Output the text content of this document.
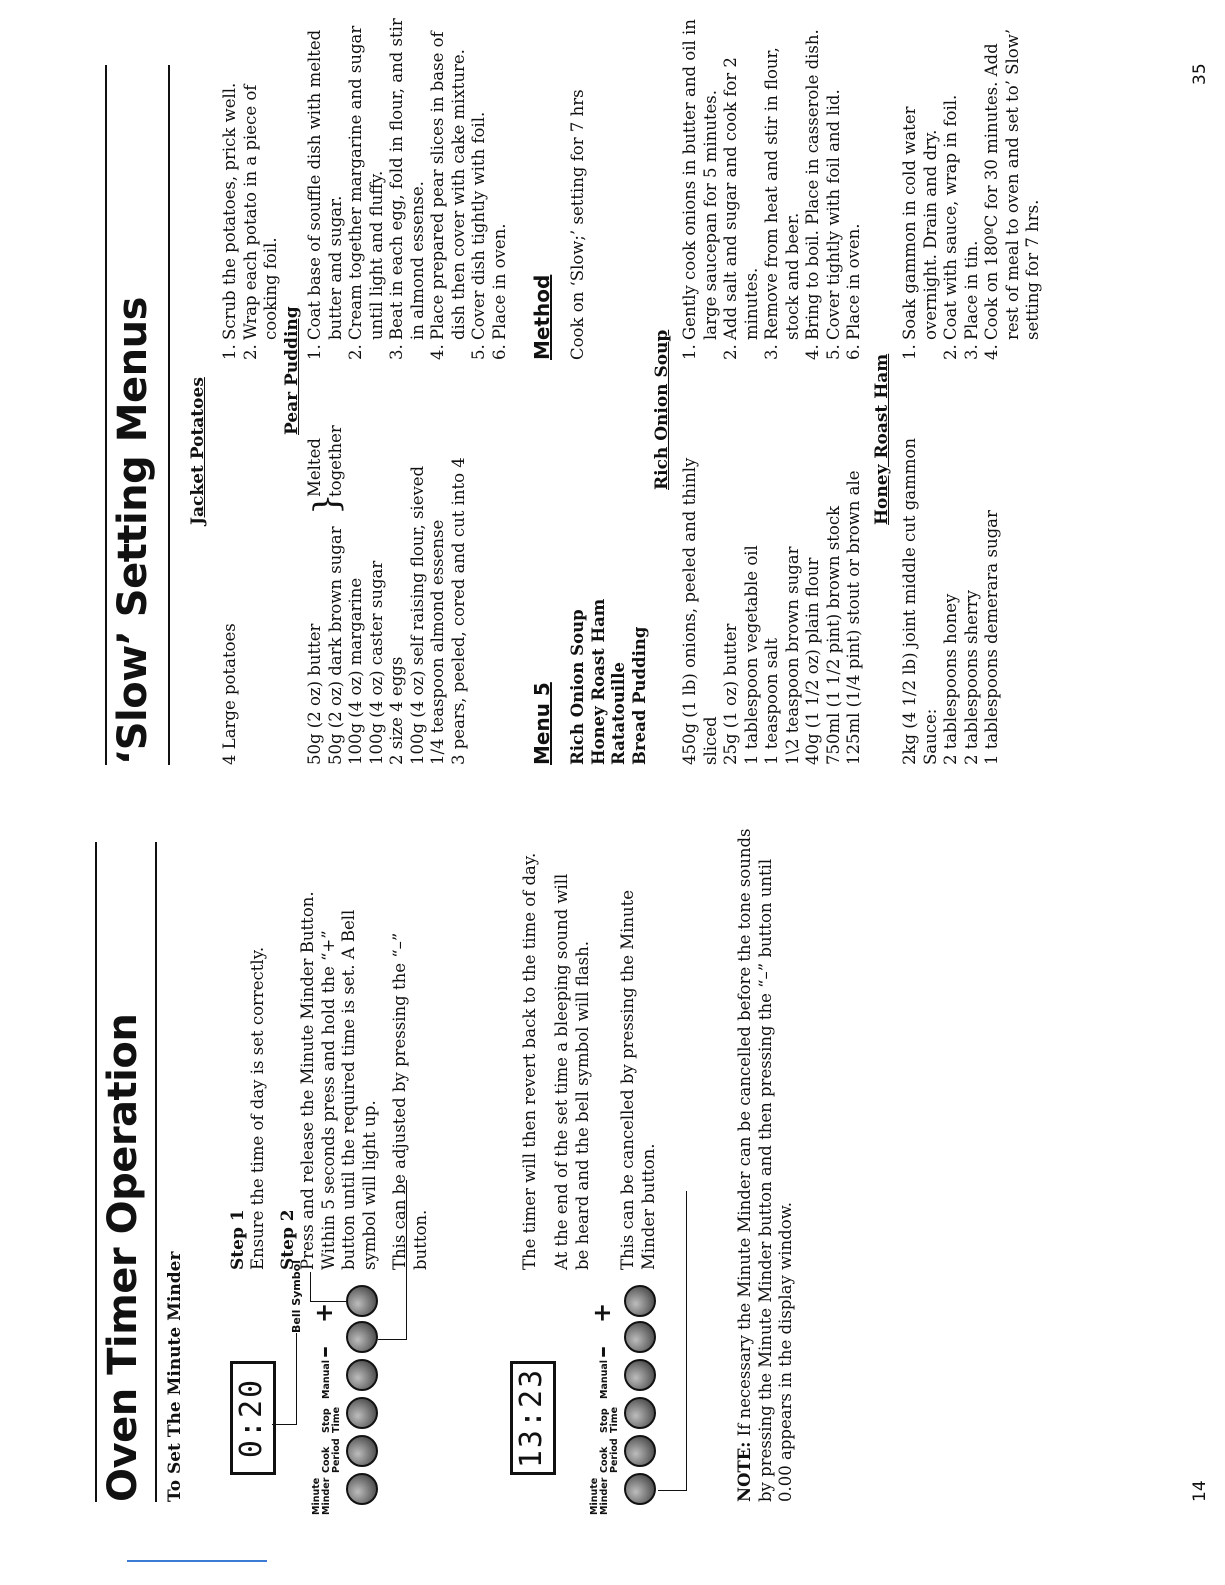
Oven Timer Operation To Set The Minute Minder 0:20
Bell Symbol
Minute Minder
Cook Period
Stop Time
Manual
–
+
Step 1 Ensure the time of day is set correctly. Step 2 Press and release the Minute Minder Button. Within 5 seconds press and hold the “+” button until the required time is set. A Bell symbol will light up. This can be adjusted by pressing the “–” button.
13:23
Minute Minder
Cook Period
Stop Time
Manual
–
+
The timer will then revert back to the time of day. At the end of the set time a bleeping sound will be heard and the bell symbol will flash. This can be cancelled by pressing the Minute Minder button.
NOTE: If necessary the Minute Minder can be cancelled before the tone sounds by pressing the Minute Minder button and then pressing the “–” button until 0.00 appears in the display window.	14
‘Slow’ Setting Menus Jacket Potatoes
4 Large potatoes
1.Scrub the potatoes, prick well.
2.Wrap each potato in a piece of cooking foil.
Pear Pudding
50g (2 oz) butter 50g (2 oz) dark brown sugar 100g (4 oz) margarine 100g (4 oz) caster sugar 2 size 4 eggs 100g (4 oz) self raising flour, sieved 1/4 teaspoon almond essense 3 pears, peeled, cored and cut into 4
}
Melted together
1.Coat base of souffle dish with melted butter and sugar.
2.Cream together margarine and sugar until light and fluffy.
3.Beat in each egg, fold in flour, and stir in almond essense.
4.Place prepared pear slices in base of dish then cover with cake mixture.
5.Cover dish tightly with foil.
6.Place in oven.
Menu 5 Rich Onion Soup Honey Roast Ham Ratatouille Bread Pudding
Method Cook on ‘Slow;’ setting for 7 hrs
Rich Onion Soup
450g (1 lb) onions, peeled and thinly sliced 25g (1 oz) butter 1 tablespoon vegetable oil 1 teaspoon salt 1\2 teaspoon brown sugar 40g (1 1/2 oz) plain flour 750ml (1 1/2 pint) brown stock 125ml (1/4 pint) stout or brown ale
1.Gently cook onions in butter and oil in large saucepan for 5 minutes.
2.Add salt and sugar and cook for 2 minutes.
3.Remove from heat and stir in flour, stock and beer.
4.Bring to boil. Place in casserole dish.
5.Cover tightly with foil and lid.
6.Place in oven.
Honey Roast Ham 2kg (4 1/2 lb) joint middle cut gammon Sauce: 2 tablespoons honey 2 tablespoons sherry 1 tablespoons demerara sugar
1.Soak gammon in cold water overnight. Drain and dry.
2.Coat with sauce, wrap in foil.
3.Place in tin.
4.Cook on 180ºC for 30 minutes. Add rest of meal to oven and set to’ Slow’ setting for 7 hrs.
35
